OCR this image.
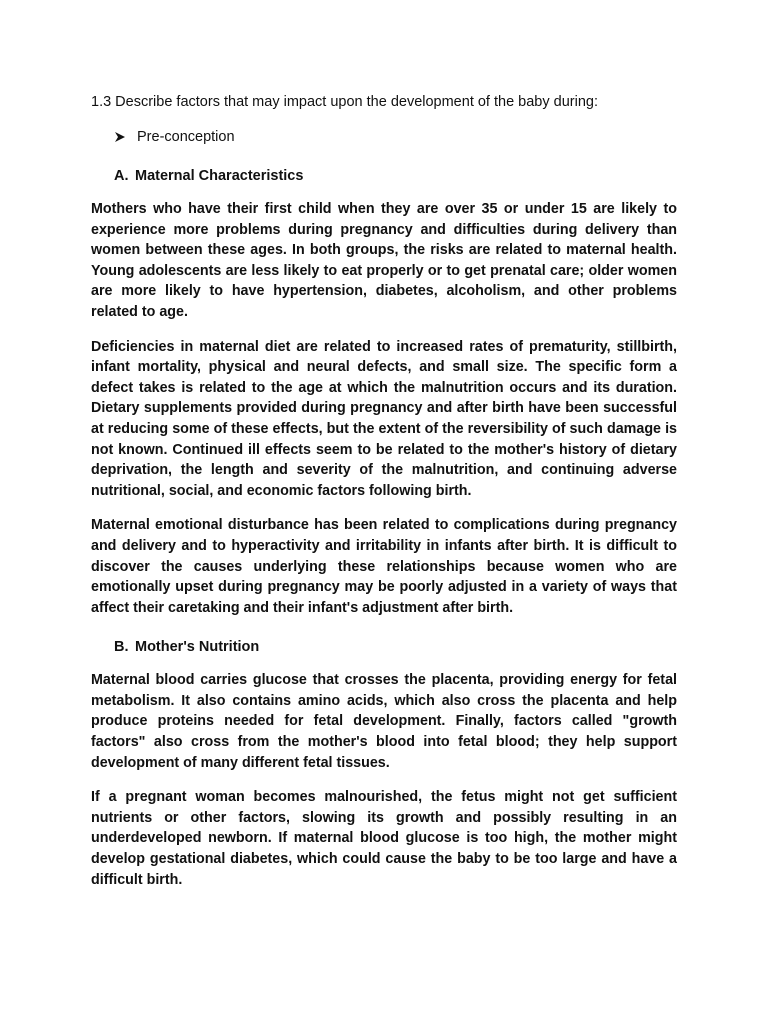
1.3 Describe factors that may impact upon the development of the baby during:

Pre-conception
A. Maternal Characteristics

Mothers who have their first child when they are over 35 or under 15 are likely to experience more problems during pregnancy and difficulties during delivery than women between these ages. In both groups, the risks are related to maternal health. Young adolescents are less likely to eat properly or to get prenatal care; older women are more likely to have hypertension, diabetes, alcoholism, and other problems related to age.

Deficiencies in maternal diet are related to increased rates of prematurity, stillbirth, infant mortality, physical and neural defects, and small size. The specific form a defect takes is related to the age at which the malnutrition occurs and its duration. Dietary supplements provided during pregnancy and after birth have been successful at reducing some of these effects, but the extent of the reversibility of such damage is not known. Continued ill effects seem to be related to the mother's history of dietary deprivation, the length and severity of the malnutrition, and continuing adverse nutritional, social, and economic factors following birth.

Maternal emotional disturbance has been related to complications during pregnancy and delivery and to hyperactivity and irritability in infants after birth. It is difficult to discover the causes underlying these relationships because women who are emotionally upset during pregnancy may be poorly adjusted in a variety of ways that affect their caretaking and their infant's adjustment after birth.

B. Mother's Nutrition

Maternal blood carries glucose that crosses the placenta, providing energy for fetal metabolism. It also contains amino acids, which also cross the placenta and help produce proteins needed for fetal development. Finally, factors called "growth factors" also cross from the mother's blood into fetal blood; they help support development of many different fetal tissues.

If a pregnant woman becomes malnourished, the fetus might not get sufficient nutrients or other factors, slowing its growth and possibly resulting in an underdeveloped newborn. If maternal blood glucose is too high, the mother might develop gestational diabetes, which could cause the baby to be too large and have a difficult birth.
